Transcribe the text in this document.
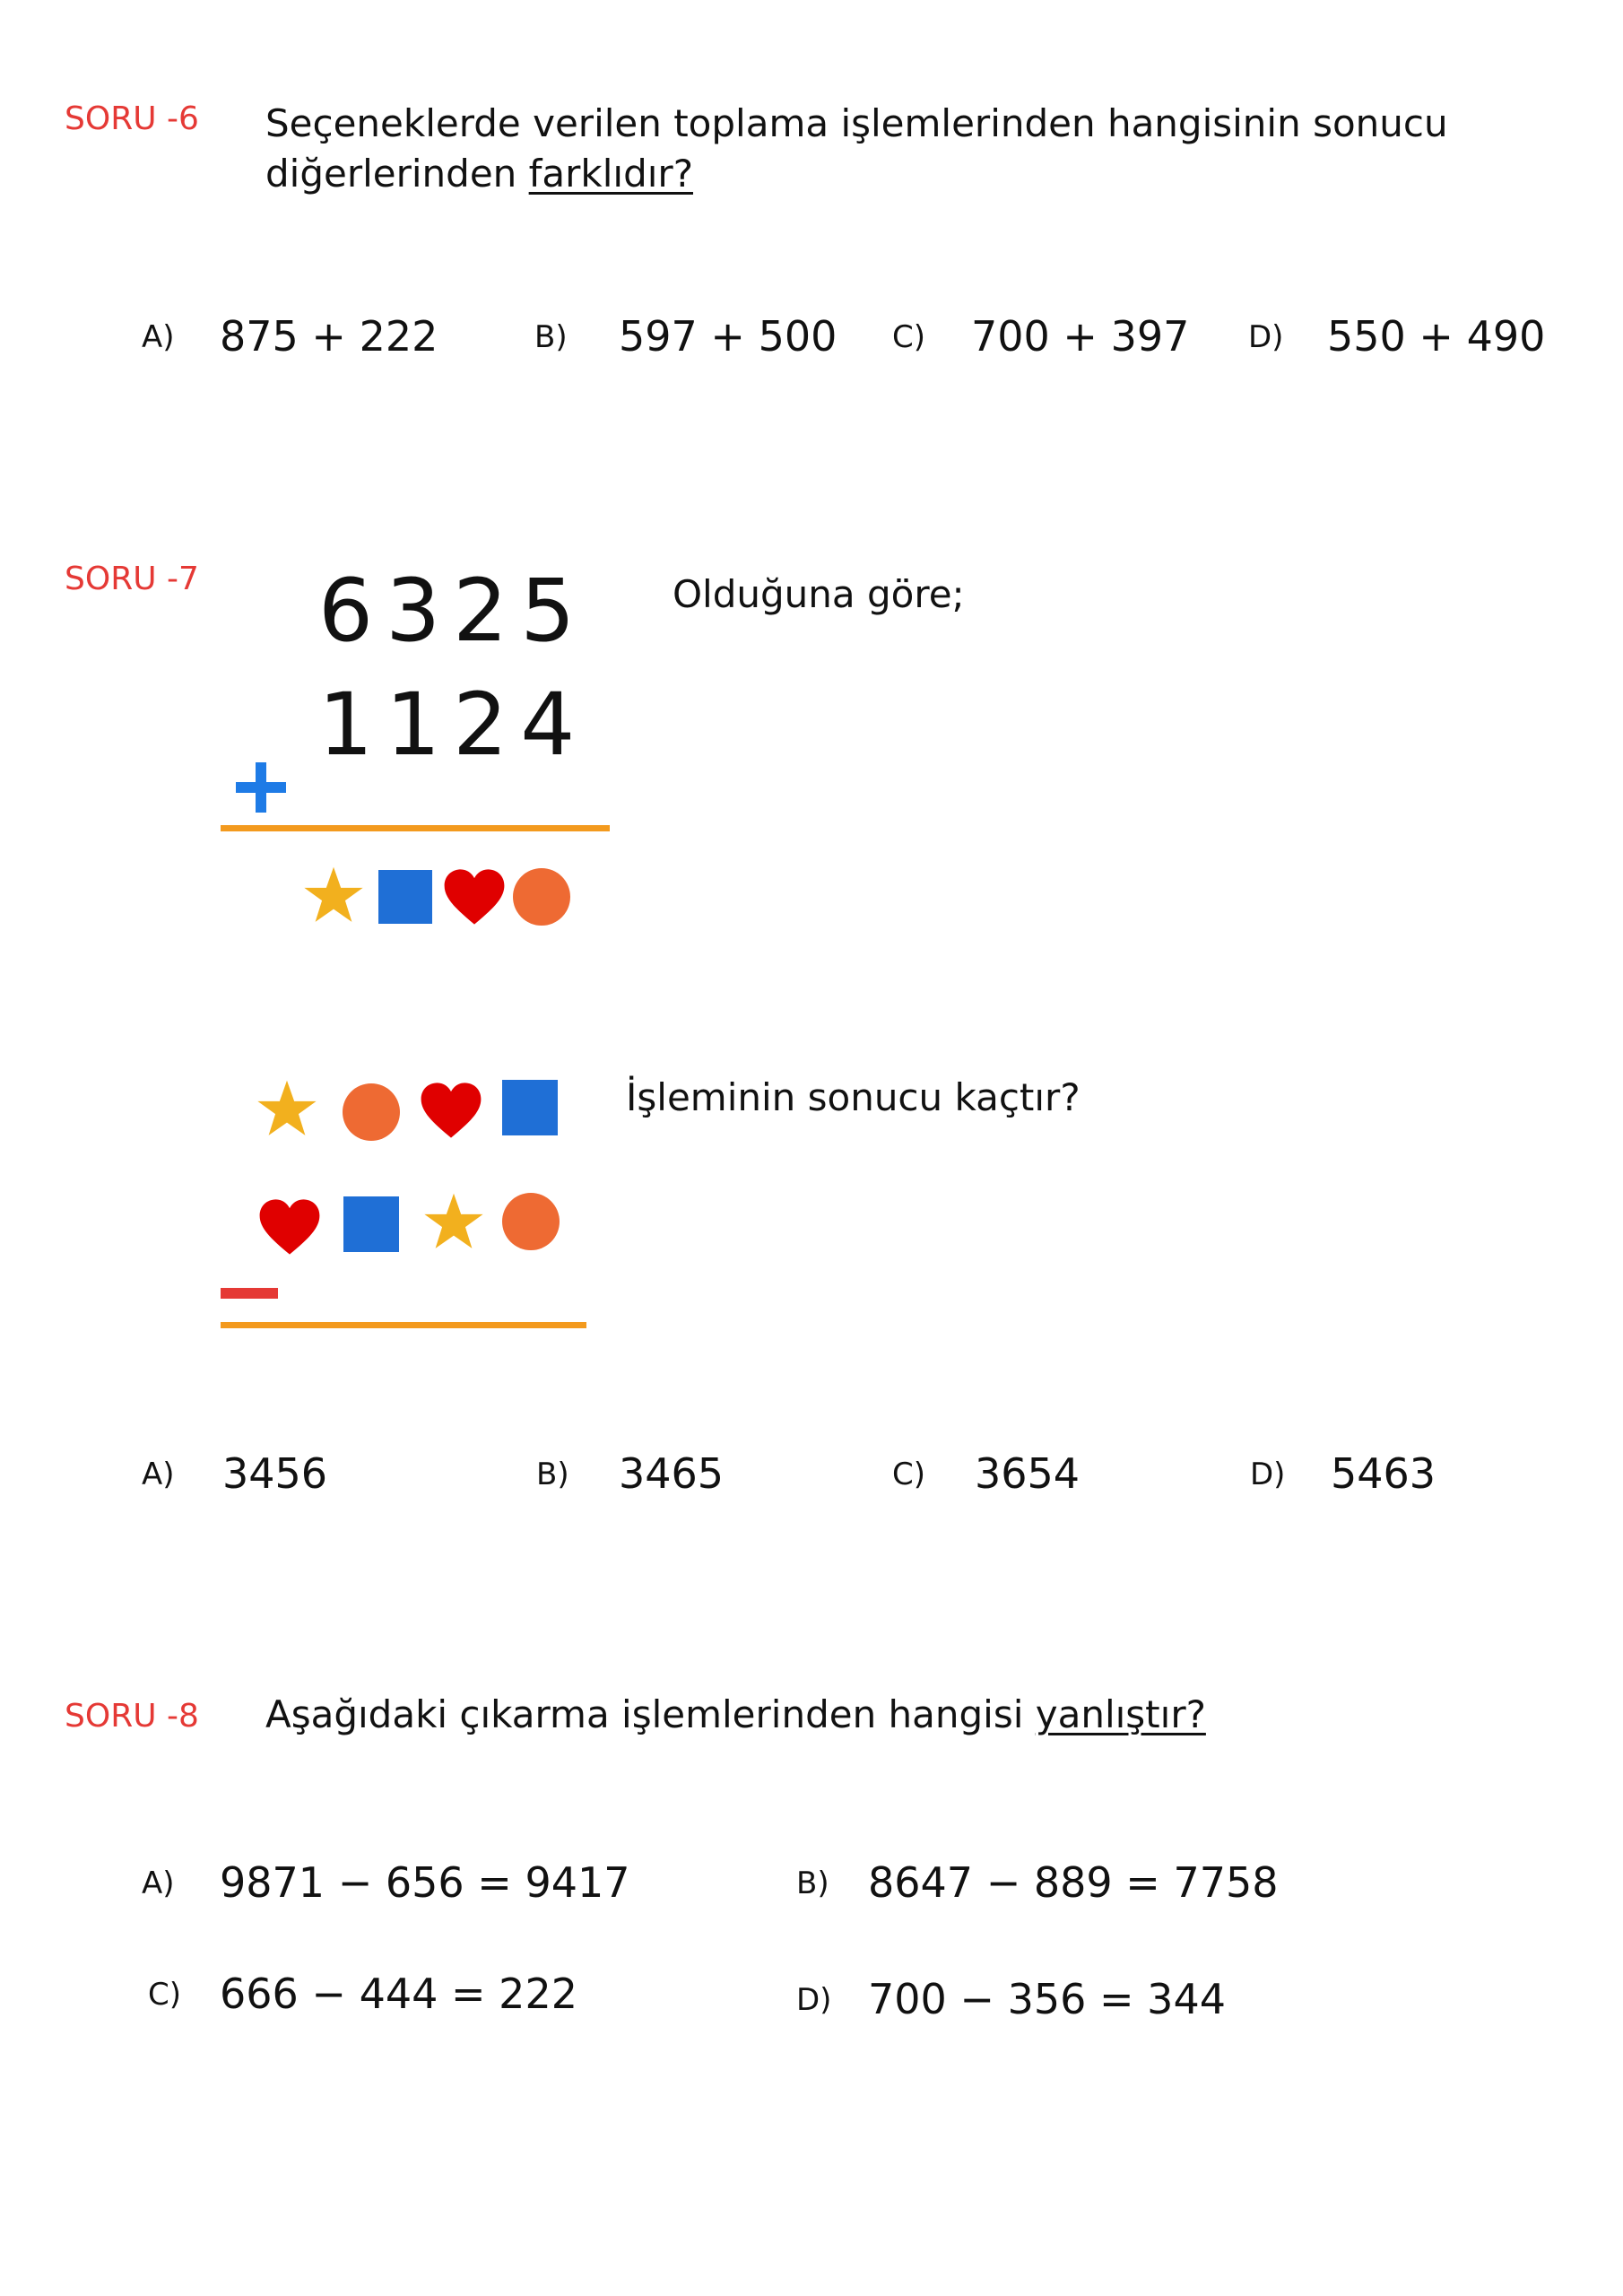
SORU -6 Seçeneklerde verilen toplama işlemlerinden hangisinin sonucu
diğerlerinden farklıdır?
A) 875 + 222	B) 597 + 500 C) 700 + 397 D) 550 + 490
SORU -7 6325
1124
Olduğuna göre;
İşleminin sonucu kaçtır?
A) 3456	B) 3465	C) 3654	D) 5463
SORU -8 Aşağıdaki çıkarma işlemlerinden hangisi yanlıştır?
A) 9871 − 656 = 9417	B) 8647 − 889 = 7758
C) 666 − 444 = 222	D) 700 − 356 = 344
